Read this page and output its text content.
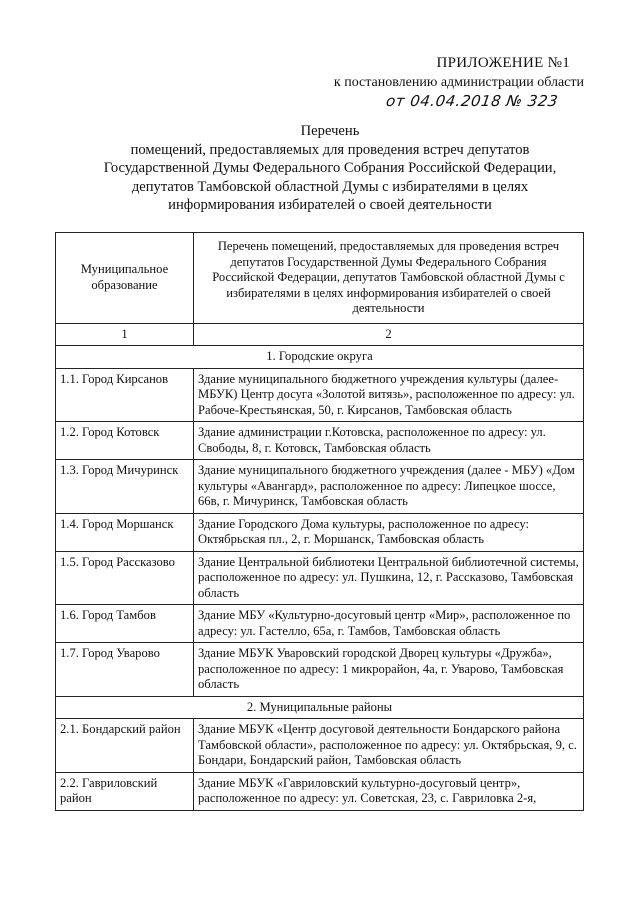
ПРИЛОЖЕНИЕ №1
к постановлению администрации области
от 04.04.2018 № 323
Перечень
помещений, предоставляемых для проведения встреч депутатов
Государственной Думы Федерального Собрания Российской Федерации,
депутатов Тамбовской областной Думы с избирателями в целях
информирования избирателей о своей деятельности
Муниципальное образование	Перечень помещений, предоставляемых для проведения встреч депутатов Государственной Думы Федерального Собрания Российской Федерации, депутатов Тамбовской областной Думы с избирателями в целях информирования избирателей о своей деятельности
1	2
1. Городские округа	
1.1. Город Кирсанов	Здание муниципального бюджетного учреждения культуры (далее- МБУК) Центр досуга «Золотой витязь», расположенное по адресу: ул. Рабоче-Крестьянская, 50, г. Кирсанов, Тамбовская область
1.2. Город Котовск	Здание администрации г.Котовска, расположенное по адресу: ул. Свободы, 8, г. Котовск, Тамбовская область
1.3. Город Мичуринск	Здание муниципального бюджетного учреждения (далее - МБУ) «Дом культуры «Авангард», расположенное по адресу: Липецкое шоссе, 66в, г. Мичуринск, Тамбовская область
1.4. Город Моршанск	Здание Городского Дома культуры, расположенное по адресу: Октябрьская пл., 2, г. Моршанск, Тамбовская область
1.5. Город Рассказово	Здание Центральной библиотеки Центральной библиотечной системы, расположенное по адресу: ул. Пушкина, 12, г. Рассказово, Тамбовская область
1.6. Город Тамбов	Здание МБУ «Культурно-досуговый центр «Мир», расположенное по адресу: ул. Гастелло, 65а, г. Тамбов, Тамбовская область
1.7. Город Уварово	Здание МБУК Уваровский городской Дворец культуры «Дружба», расположенное по адресу: 1 микрорайон, 4а, г. Уварово, Тамбовская область
2. Муниципальные районы	
2.1. Бондарский район	Здание МБУК «Центр досуговой деятельности Бондарского района Тамбовской области», расположенное по адресу: ул. Октябрьская, 9, с. Бондари, Бондарский район, Тамбовская область
2.2. Гавриловский район	Здание МБУК «Гавриловский культурно-досуговый центр», расположенное по адресу: ул. Советская, 23, с. Гавриловка 2-я,
